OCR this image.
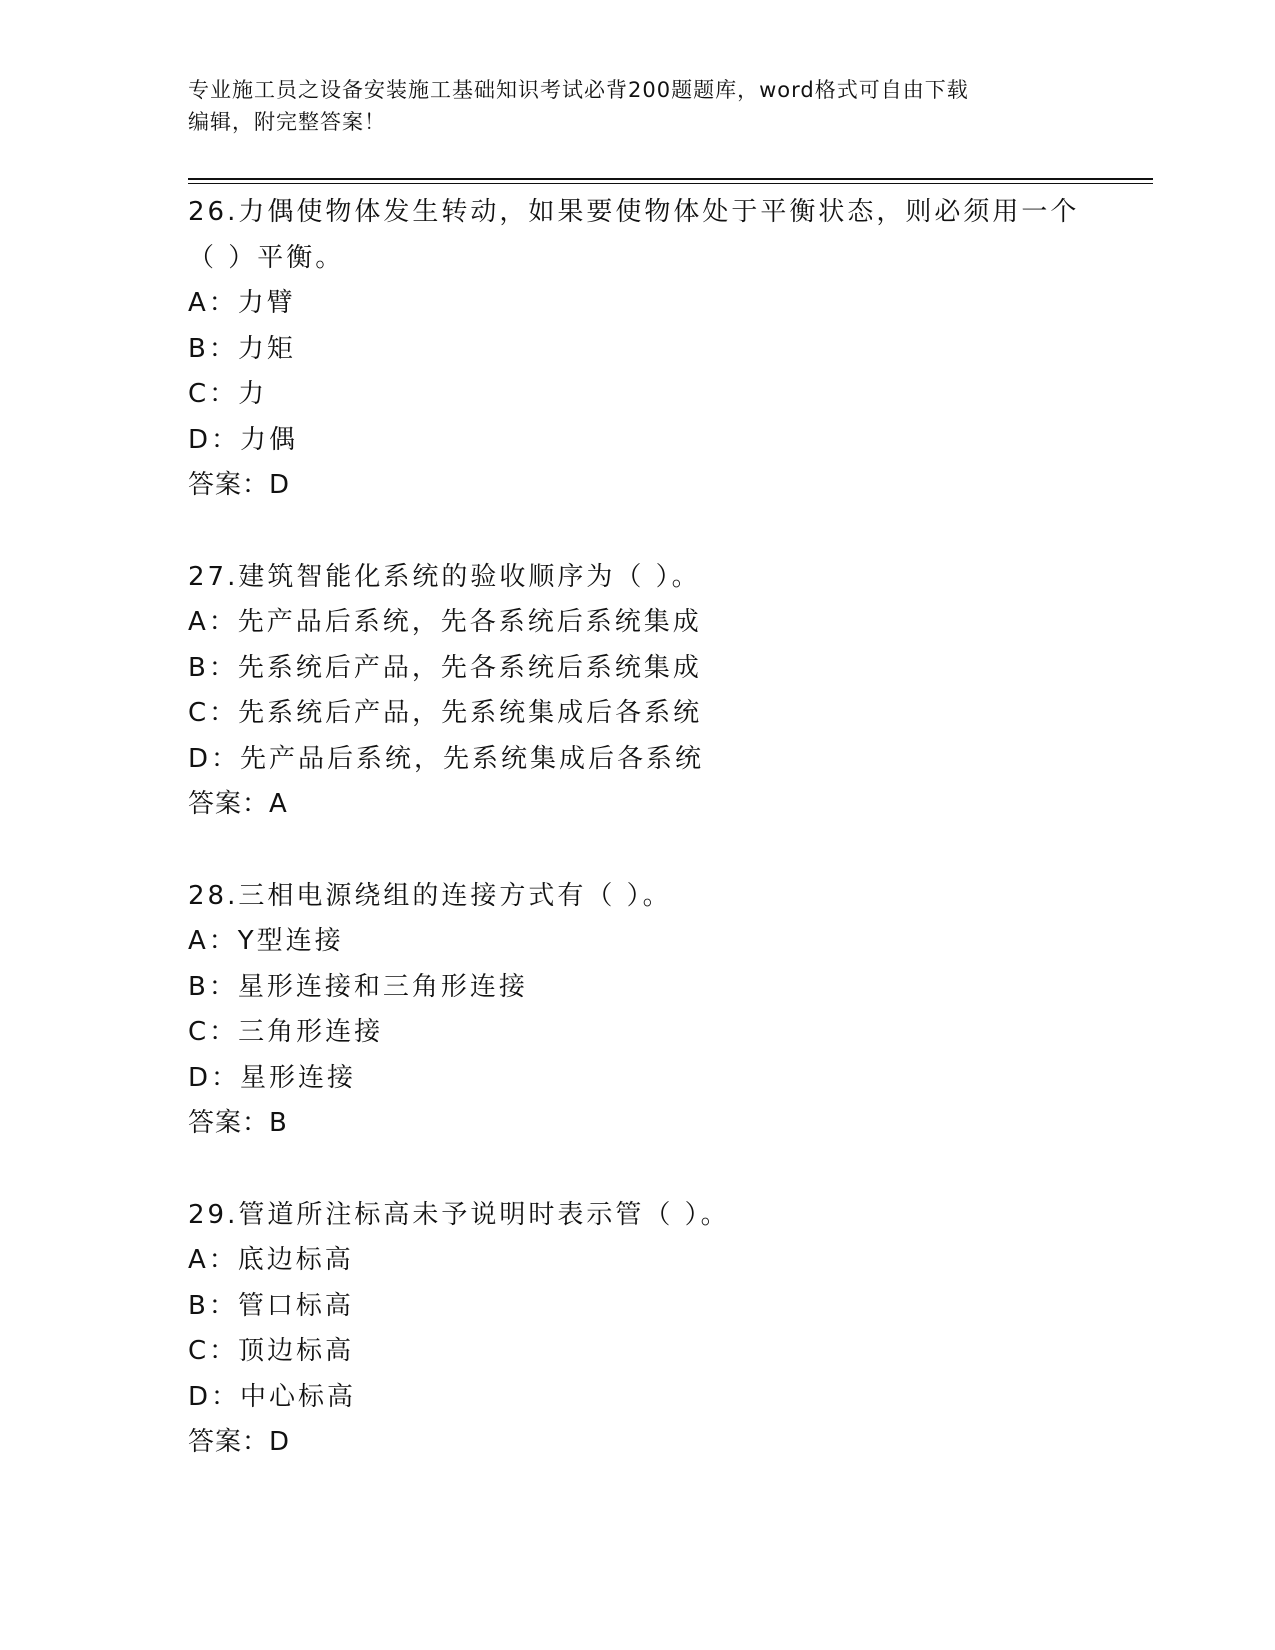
专业施工员之设备安装施工基础知识考试必背200题题库，word格式可自由下载
编辑，附完整答案！
26.力偶使物体发生转动，如果要使物体处于平衡状态，则必须用一个
（ ）平衡。
A：力臂
B：力矩
C：力
D：力偶
答案：D
27.建筑智能化系统的验收顺序为（ ）。
A：先产品后系统，先各系统后系统集成
B：先系统后产品，先各系统后系统集成
C：先系统后产品，先系统集成后各系统
D：先产品后系统，先系统集成后各系统
答案：A
28.三相电源绕组的连接方式有（ ）。
A：Y型连接
B：星形连接和三角形连接
C：三角形连接
D：星形连接
答案：B
29.管道所注标高未予说明时表示管（ ）。
A：底边标高
B：管口标高
C：顶边标高
D：中心标高
答案：D
